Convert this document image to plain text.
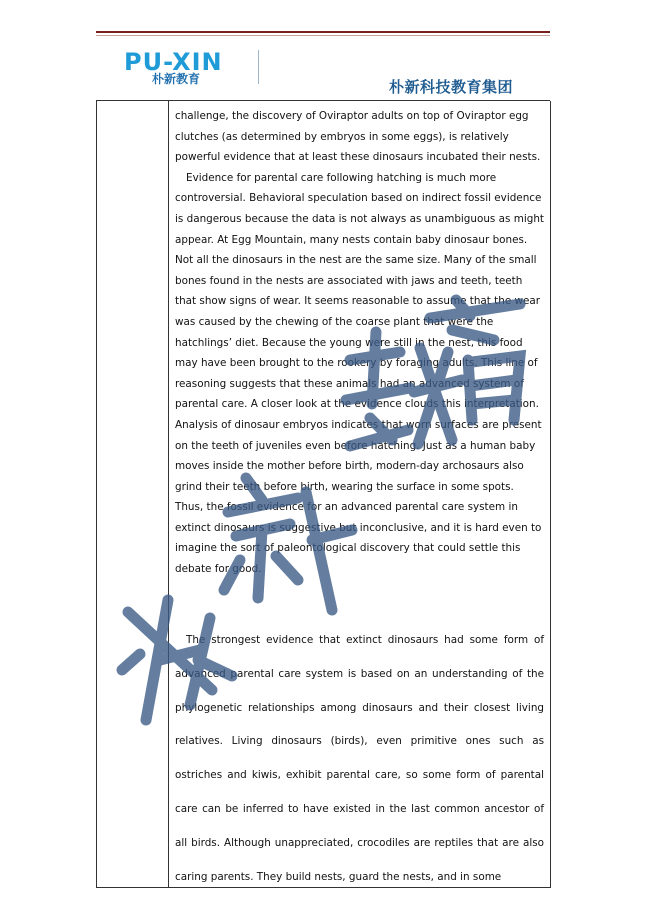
PU-XIN
朴新教育	朴新科技教育集团

challenge, the discovery of Oviraptor adults on top of Oviraptor egg clutches (as determined by embryos in some eggs), is relatively powerful evidence that at least these dinosaurs incubated their nests.

Evidence for parental care following hatching is much more controversial. Behavioral speculation based on indirect fossil evidence is dangerous because the data is not always as unambiguous as might appear. At Egg Mountain, many nests contain baby dinosaur bones. Not all the dinosaurs in the nest are the same size. Many of the small bones found in the nests are associated with jaws and teeth, teeth that show signs of wear. It seems reasonable to assume that the wear was caused by the chewing of the coarse plant that were the hatchlings’ diet. Because the young were still in the nest, this food may have been brought to the rookery by foraging adults. This line of reasoning suggests that these animals had an advanced system of parental care. A closer look at the evidence clouds this interpretation. Analysis of dinosaur embryos indicates that worn surfaces are present on the teeth of juveniles even before hatching. Just as a human baby moves inside the mother before birth, modern-day archosaurs also grind their teeth before birth, wearing the surface in some spots. Thus, the fossil evidence for an advanced parental care system in extinct dinosaurs is suggestive but inconclusive, and it is hard even to imagine the sort of paleontological discovery that could settle this debate for good.

The strongest evidence that extinct dinosaurs had some form of advanced parental care system is based on an understanding of the phylogenetic relationships among dinosaurs and their closest living relatives. Living dinosaurs (birds), even primitive ones such as ostriches and kiwis, exhibit parental care, so some form of parental care can be inferred to have existed in the last common ancestor of all birds. Although unappreciated, crocodiles are reptiles that are also caring parents. They build nests, guard the nests, and in some
